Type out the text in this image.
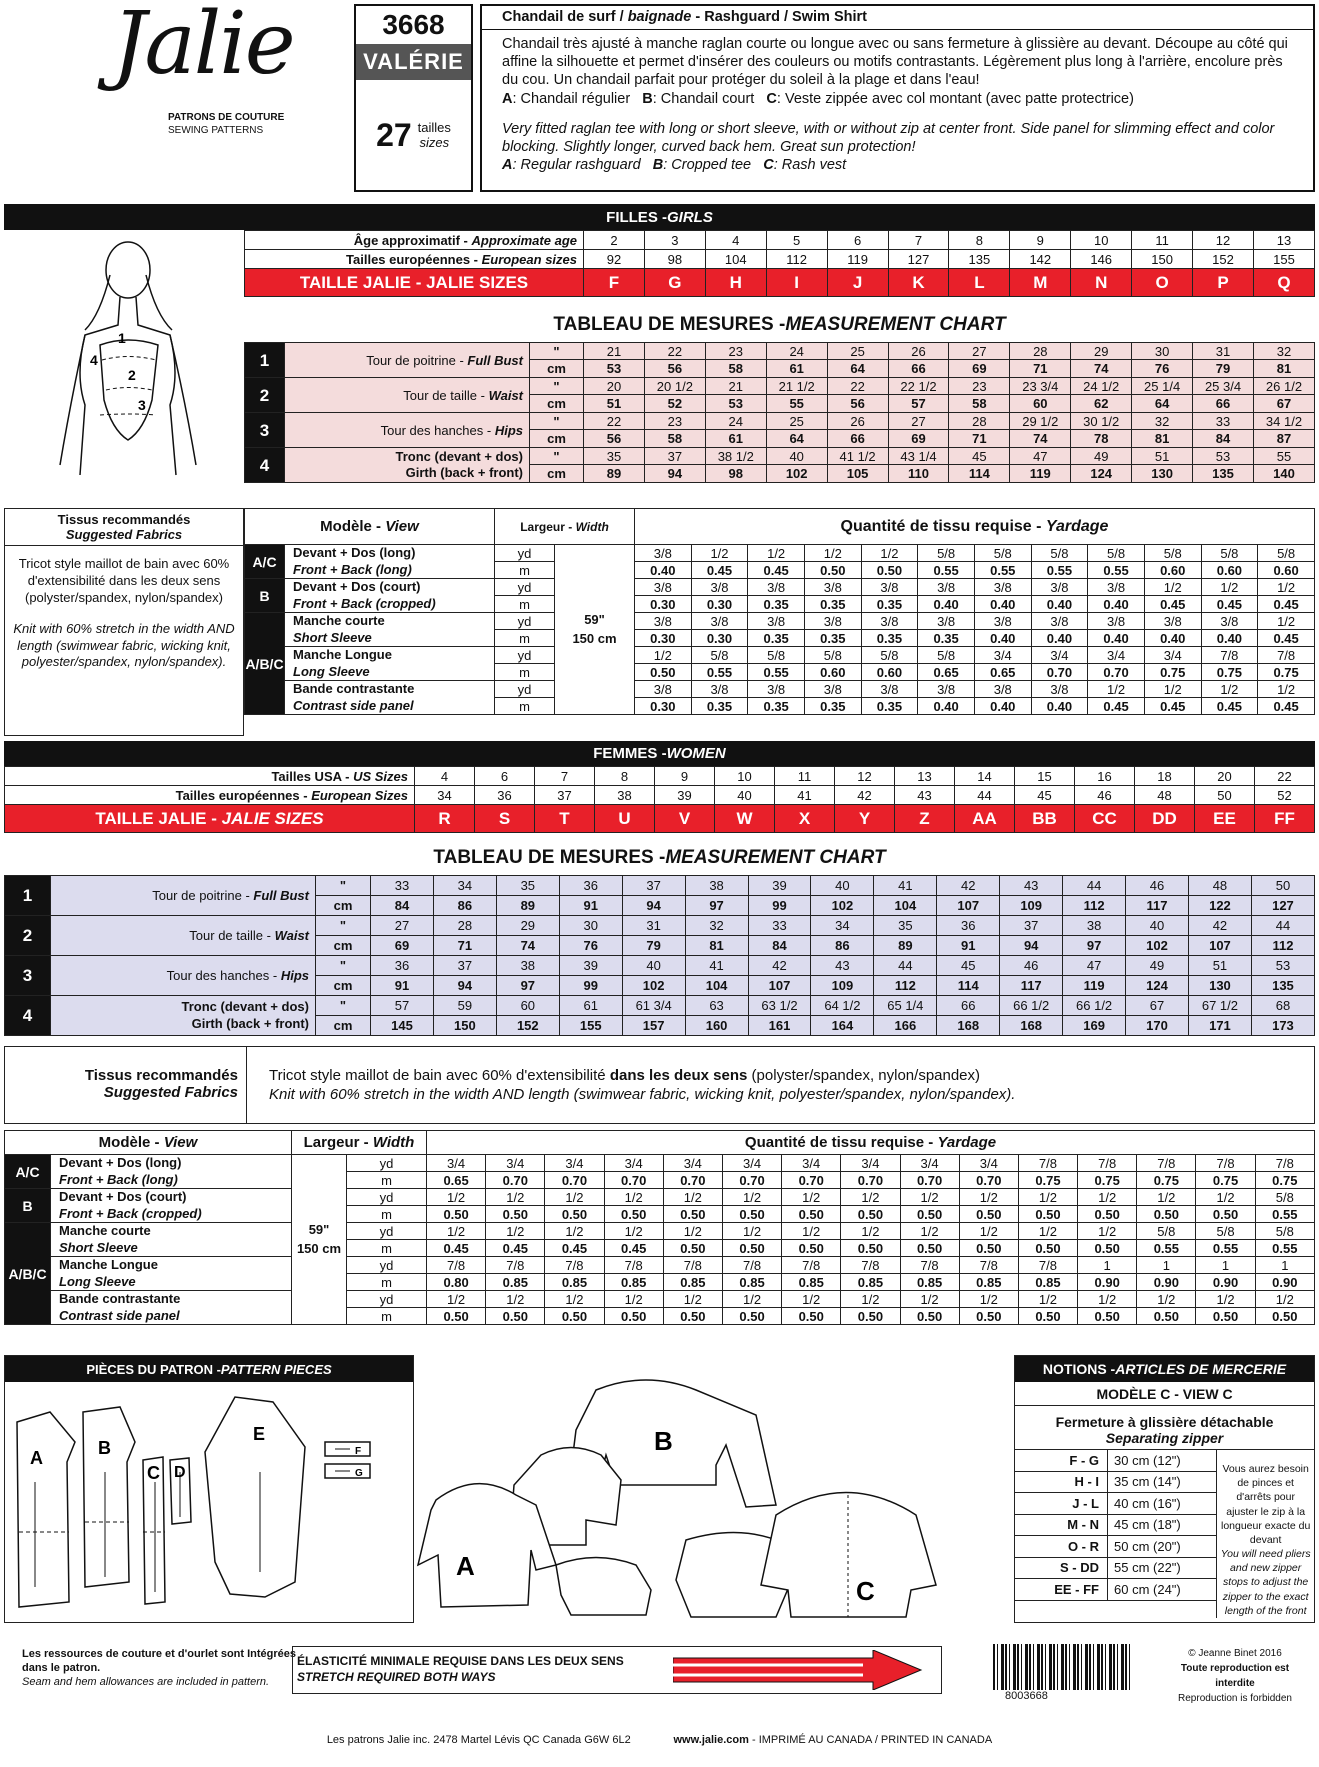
Jalie
PATRONS DE COUTURE
SEWING PATTERNS
3668
VALÉRIE
27 tailles
sizes
Chandail de surf / baignade - Rashguard / Swim Shirt
Chandail très ajusté à manche raglan courte ou longue avec ou sans fermeture à glissière au devant. Découpe au côté qui affine la silhouette et permet d'insérer des couleurs ou motifs contrastants. Légèrement plus long à l'arrière, encolure près du cou. Un chandail parfait pour protéger du soleil à la plage et dans l'eau!
A: Chandail régulier B: Chandail court C: Veste zippée avec col montant (avec patte protectrice)
Very fitted raglan tee with long or short sleeve, with or without zip at center front. Side panel for slimming effect and color blocking. Slightly longer, curved back hem. Great sun protection!
A: Regular rashguard B: Cropped tee C: Rash vest
FILLES - GIRLS
1
2
3
4
Âge approximatif - Approximate age	2	3	4	5	6	7	8	9	10	11	12	13
Tailles européennes - European sizes	92	98	104	112	119	127	135	142	146	150	152	155
TAILLE JALIE - JALIE SIZES	F	G	H	I	J	K	L	M	N	O	P	Q
TABLEAU DE MESURES - MEASUREMENT CHART
1	Tour de poitrine - Full Bust	"	21	22	23	24	25	26	27	28	29	30	31	32
		cm	53	56	58	61	64	66	69	71	74	76	79	81
2	Tour de taille - Waist	"	20	20 1/2	21	21 1/2	22	22 1/2	23	23 3/4	24 1/2	25 1/4	25 3/4	26 1/2
		cm	51	52	53	55	56	57	58	60	62	64	66	67
3	Tour des hanches - Hips	"	22	23	24	25	26	27	28	29 1/2	30 1/2	32	33	34 1/2
		cm	56	58	61	64	66	69	71	74	78	81	84	87
4	Tronc (devant + dos)
Girth (back + front)	"	35	37	38 1/2	40	41 1/2	43 1/4	45	47	49	51	53	55
		cm	89	94	98	102	105	110	114	119	124	130	135	140
Tissus recommandés
Suggested Fabrics
Tricot style maillot de bain avec 60% d'extensibilité dans les deux sens (polyster/spandex, nylon/spandex)
Knit with 60% stretch in the width AND length (swimwear fabric, wicking knit, polyester/spandex, nylon/spandex).
Modèle - View	Largeur - Width	Quantité de tissu requise - Yardage
A/C	Devant + Dos (long)
Front + Back (long)	yd	59"
150 cm	3/8	1/2	1/2	1/2	1/2	5/8	5/8	5/8	5/8	5/8	5/8	5/8
		m		0.40	0.45	0.45	0.50	0.50	0.55	0.55	0.55	0.55	0.60	0.60	0.60
B	Devant + Dos (court)
Front + Back (cropped)	yd		3/8	3/8	3/8	3/8	3/8	3/8	3/8	3/8	3/8	1/2	1/2	1/2
		m		0.30	0.30	0.35	0.35	0.35	0.40	0.40	0.40	0.40	0.45	0.45	0.45
A/B/C	Manche courte
Short Sleeve	yd		3/8	3/8	3/8	3/8	3/8	3/8	3/8	3/8	3/8	3/8	3/8	1/2
		m		0.30	0.30	0.35	0.35	0.35	0.35	0.40	0.40	0.40	0.40	0.40	0.45
	Manche Longue
Long Sleeve	yd		1/2	5/8	5/8	5/8	5/8	5/8	3/4	3/4	3/4	3/4	7/8	7/8
		m		0.50	0.55	0.55	0.60	0.60	0.65	0.65	0.70	0.70	0.75	0.75	0.75
	Bande contrastante
Contrast side panel	yd		3/8	3/8	3/8	3/8	3/8	3/8	3/8	3/8	1/2	1/2	1/2	1/2
		m		0.30	0.35	0.35	0.35	0.35	0.40	0.40	0.40	0.45	0.45	0.45	0.45
FEMMES - WOMEN
Tailles USA - US Sizes	4	6	7	8	9	10	11	12	13	14	15	16	18	20	22
Tailles européennes - European Sizes	34	36	37	38	39	40	41	42	43	44	45	46	48	50	52
TAILLE JALIE - JALIE SIZES	R	S	T	U	V	W	X	Y	Z	AA	BB	CC	DD	EE	FF
TABLEAU DE MESURES - MEASUREMENT CHART
1	Tour de poitrine - Full Bust	"	33	34	35	36	37	38	39	40	41	42	43	44	46	48	50
		cm	84	86	89	91	94	97	99	102	104	107	109	112	117	122	127
2	Tour de taille - Waist	"	27	28	29	30	31	32	33	34	35	36	37	38	40	42	44
		cm	69	71	74	76	79	81	84	86	89	91	94	97	102	107	112
3	Tour des hanches - Hips	"	36	37	38	39	40	41	42	43	44	45	46	47	49	51	53
		cm	91	94	97	99	102	104	107	109	112	114	117	119	124	130	135
4	Tronc (devant + dos)
Girth (back + front)	"	57	59	60	61	61 3/4	63	63 1/2	64 1/2	65 1/4	66	66 1/2	66 1/2	67	67 1/2	68
		cm	145	150	152	155	157	160	161	164	166	168	168	169	170	171	173
Tissus recommandés
Suggested Fabrics
Tricot style maillot de bain avec 60% d'extensibilité dans les deux sens (polyster/spandex, nylon/spandex)
Knit with 60% stretch in the width AND length (swimwear fabric, wicking knit, polyester/spandex, nylon/spandex).
Modèle - View	Largeur - Width	Quantité de tissu requise - Yardage
A/C	Devant + Dos (long)
Front + Back (long)	59"
150 cm	yd	3/4	3/4	3/4	3/4	3/4	3/4	3/4	3/4	3/4	3/4	7/8	7/8	7/8	7/8	7/8
			m	0.65	0.70	0.70	0.70	0.70	0.70	0.70	0.70	0.70	0.70	0.75	0.75	0.75	0.75	0.75
B	Devant + Dos (court)
Front + Back (cropped)		yd	1/2	1/2	1/2	1/2	1/2	1/2	1/2	1/2	1/2	1/2	1/2	1/2	1/2	1/2	5/8
			m	0.50	0.50	0.50	0.50	0.50	0.50	0.50	0.50	0.50	0.50	0.50	0.50	0.50	0.50	0.55
A/B/C	Manche courte
Short Sleeve		yd	1/2	1/2	1/2	1/2	1/2	1/2	1/2	1/2	1/2	1/2	1/2	1/2	5/8	5/8	5/8
			m	0.45	0.45	0.45	0.45	0.50	0.50	0.50	0.50	0.50	0.50	0.50	0.50	0.55	0.55	0.55
	Manche Longue
Long Sleeve		yd	7/8	7/8	7/8	7/8	7/8	7/8	7/8	7/8	7/8	7/8	7/8	1	1	1	1
			m	0.80	0.85	0.85	0.85	0.85	0.85	0.85	0.85	0.85	0.85	0.85	0.90	0.90	0.90	0.90
	Bande contrastante
Contrast side panel		yd	1/2	1/2	1/2	1/2	1/2	1/2	1/2	1/2	1/2	1/2	1/2	1/2	1/2	1/2	1/2
			m	0.50	0.50	0.50	0.50	0.50	0.50	0.50	0.50	0.50	0.50	0.50	0.50	0.50	0.50	0.50
PIÈCES DU PATRON - PATTERN PIECES
A	B
C D
E
F
G
A
B
C
NOTIONS - ARTICLES DE MERCERIE
MODÈLE C - VIEW C
Fermeture à glissière détachable
Separating zipper
F - G	30 cm (12")
H - I	35 cm (14")
J - L	40 cm (16")
M - N	45 cm (18")
O - R	50 cm (20")
S - DD	55 cm (22")
EE - FF	60 cm (24")
Vous aurez besoin de pinces et d'arrêts pour ajuster le zip à la longueur exacte du devant
You will need pliers and new zipper stops to adjust the zipper to the exact length of the front
Les ressources de couture et d'ourlet sont Intégrées dans le patron.
Seam and hem allowances are included in pattern.
ÉLASTICITÉ MINIMALE REQUISE DANS LES DEUX SENS
STRETCH REQUIRED BOTH WAYS
8003668
© Jeanne Binet 2016
Toute reproduction est interdite
Reproduction is forbidden
Les patrons Jalie inc. 2478 Martel Lévis QC Canada G6W 6L2	www.jalie.com - IMPRIMÉ AU CANADA / PRINTED IN CANADA
